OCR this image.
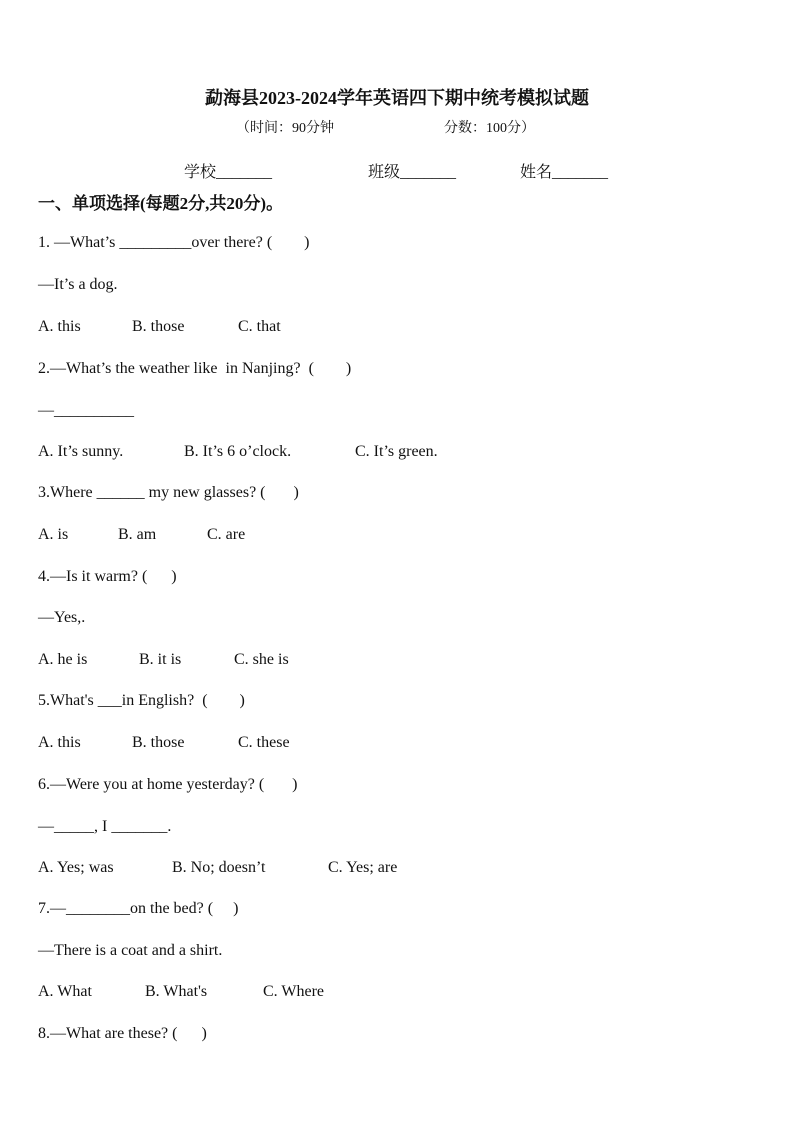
勐海县2023-2024学年英语四下期中统考模拟试题
（时间：90分钟	分数：100分）
学校_______	班级_______	姓名_______
一、单项选择(每题2分,共20分)。
1. —What’s _________over there? (        )
—It’s a dog.
A. this	B. those	C. that
2.—What’s the weather like  in Nanjing?  (        )
—__________
A. It’s sunny.	B. It’s 6 o’clock.	C. It’s green.
3.Where ______ my new glasses? (       )
A. is	B. am	C. are
4.—Is it warm? (      )
—Yes,.
A. he is	B. it is	C. she is
5.What's ___in English?  (        )
A. this	B. those	C. these
6.—Were you at home yesterday? (       )
—_____, I _______.
A. Yes; was	B. No; doesn’t	C. Yes; are
7.—________on the bed? (     )
—There is a coat and a shirt.
A. What	B. What's	C. Where
8.—What are these? (      )
